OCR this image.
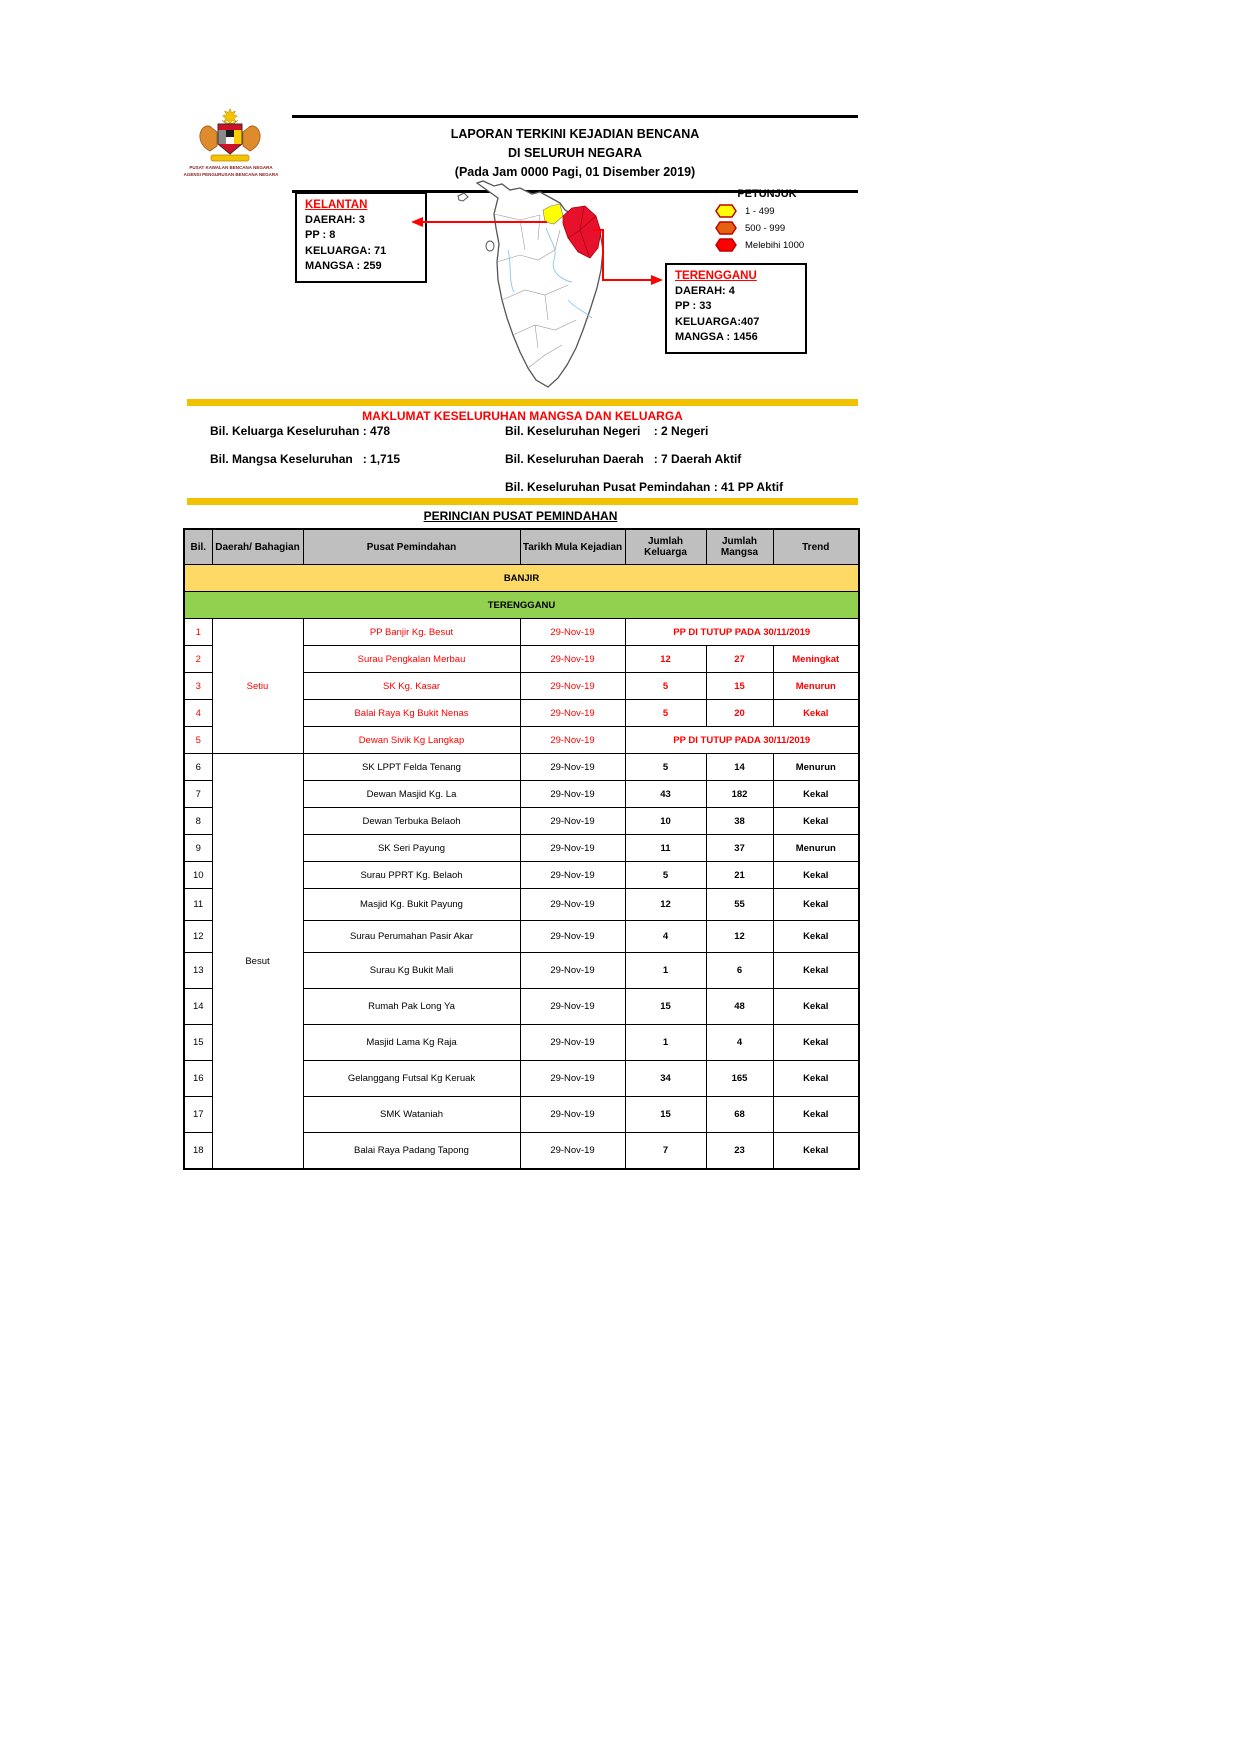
PUSAT KAWALAN BENCANA NEGARA
AGENSI PENGURUSAN BENCANA NEGARA
LAPORAN TERKINI KEJADIAN BENCANA
DI SELURUH NEGARA
(Pada Jam 0000 Pagi, 01 Disember 2019)
KELANTAN
DAERAH: 3
PP : 8
KELUARGA: 71
MANGSA : 259
PETUNJUK
1 - 499
500 - 999
Melebihi 1000
TERENGGANU
DAERAH: 4
PP : 33
KELUARGA:407
MANGSA : 1456
MAKLUMAT KESELURUHAN MANGSA DAN KELUARGA
Bil. Keluarga Keseluruhan : 478
Bil. Mangsa Keseluruhan   : 1,715
Bil. Keseluruhan Negeri    : 2 Negeri
Bil. Keseluruhan Daerah   : 7 Daerah Aktif
Bil. Keseluruhan Pusat Pemindahan : 41 PP Aktif
PERINCIAN PUSAT PEMINDAHAN
Bil.	Daerah/ Bahagian	Pusat Pemindahan	Tarikh Mula Kejadian	Jumlah Keluarga	Jumlah Mangsa	Trend
BANJIR						
TERENGGANU						
1	Setiu	PP Banjir Kg. Besut	29-Nov-19	PP DI TUTUP PADA 30/11/2019		
2		Surau Pengkalan Merbau	29-Nov-19	12	27	Meningkat
3		SK Kg. Kasar	29-Nov-19	5	15	Menurun
4		Balai Raya Kg Bukit Nenas	29-Nov-19	5	20	Kekal
5		Dewan Sivik Kg Langkap	29-Nov-19	PP DI TUTUP PADA 30/11/2019		
6	Besut	SK LPPT Felda Tenang	29-Nov-19	5	14	Menurun
7		Dewan Masjid Kg. La	29-Nov-19	43	182	Kekal
8		Dewan Terbuka Belaoh	29-Nov-19	10	38	Kekal
9		SK Seri Payung	29-Nov-19	11	37	Menurun
10		Surau PPRT Kg. Belaoh	29-Nov-19	5	21	Kekal
11		Masjid Kg. Bukit Payung	29-Nov-19	12	55	Kekal
12		Surau Perumahan Pasir Akar	29-Nov-19	4	12	Kekal
13		Surau Kg Bukit Mali	29-Nov-19	1	6	Kekal
14		Rumah Pak Long Ya	29-Nov-19	15	48	Kekal
15		Masjid Lama Kg Raja	29-Nov-19	1	4	Kekal
16		Gelanggang Futsal Kg Keruak	29-Nov-19	34	165	Kekal
17		SMK Wataniah	29-Nov-19	15	68	Kekal
18		Balai Raya Padang Tapong	29-Nov-19	7	23	Kekal
